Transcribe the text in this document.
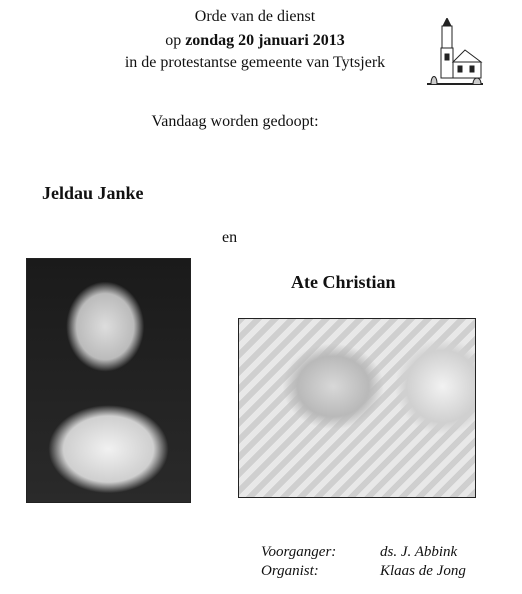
Orde van de dienst
op zondag 20 januari 2013
in de protestantse gemeente van Tytsjerk
Vandaag worden gedoopt:
Jeldau Janke
en
Ate Christian
Voorganger:	ds. J. Abbink
Organist:	Klaas de Jong
